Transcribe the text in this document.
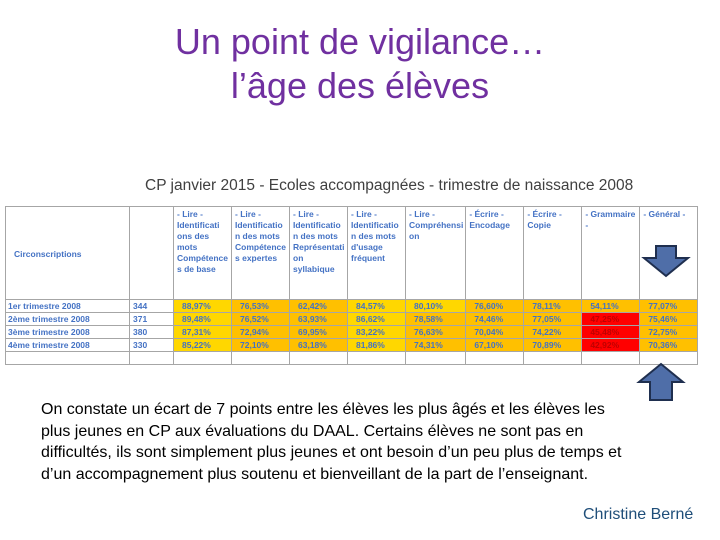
Un point de vigilance…
l’âge des élèves
CP janvier 2015 - Ecoles accompagnées - trimestre de naissance 2008
Circonscriptions		- Lire - Identificati ons des mots Compétence s de base	- Lire - Identificatio n des mots Compétence s expertes	- Lire - Identificatio n des mots Représentati on syllabique	- Lire - Identificatio n des mots d'usage fréquent	- Lire - Compréhensi on	- Écrire - Encodage	- Écrire - Copie	- Grammaire -	- Général -
1er trimestre 2008	344	88,97%	76,53%	62,42%	84,57%	80,10%	76,60%	78,11%	54,11%	77,07%
2ème trimestre 2008	371	89,48%	76,52%	63,93%	86,62%	78,58%	74,46%	77,05%	47,25%	75,46%
3ème trimestre 2008	380	87,31%	72,94%	69,95%	83,22%	76,63%	70,04%	74,22%	45,48%	72,75%
4ème trimestre 2008	330	85,22%	72,10%	63,18%	81,86%	74,31%	67,10%	70,89%	42,92%	70,36%

On constate un écart de 7 points entre les élèves les plus âgés et les élèves les plus jeunes en CP aux évaluations du DAAL. Certains élèves ne sont pas en difficultés, ils sont simplement plus jeunes et ont besoin d’un peu plus de temps et d’un accompagnement plus soutenu et bienveillant de la part de l’enseignant.
Christine Berné
